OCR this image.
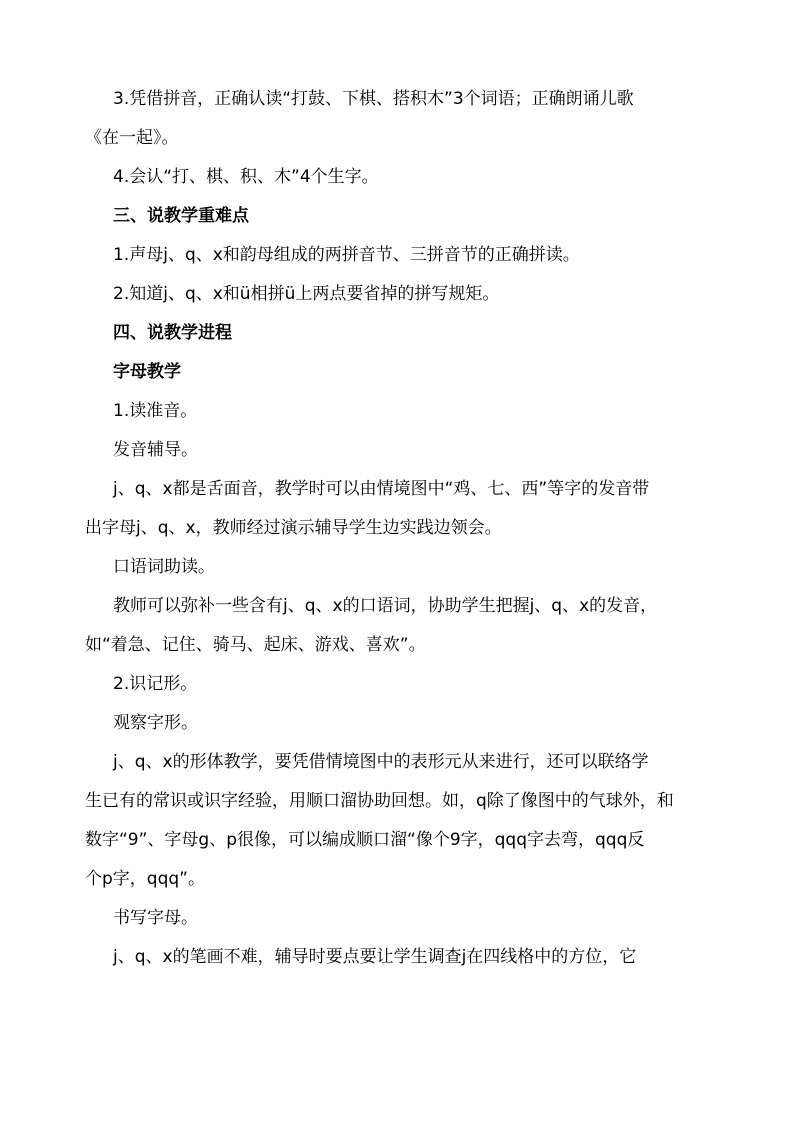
3.凭借拼音，正确认读“打鼓、下棋、搭积木”3个词语；正确朗诵儿歌

《在一起》。

4.会认“打、棋、积、木”4个生字。

三、说教学重难点

1.声母j、q、x和韵母组成的两拼音节、三拼音节的正确拼读。

2.知道j、q、x和ü相拼ü上两点要省掉的拼写规矩。

四、说教学进程

字母教学

1.读准音。

发音辅导。

j、q、x都是舌面音，教学时可以由情境图中“鸡、七、西”等字的发音带

出字母j、q、x，教师经过演示辅导学生边实践边领会。

口语词助读。

教师可以弥补一些含有j、q、x的口语词，协助学生把握j、q、x的发音，

如“着急、记住、骑马、起床、游戏、喜欢”。

2.识记形。

观察字形。

j、q、x的形体教学，要凭借情境图中的表形元从来进行，还可以联络学

生已有的常识或识字经验，用顺口溜协助回想。如，q除了像图中的气球外，和

数字“9”、字母g、p很像，可以编成顺口溜“像个9字，qqq字去弯，qqq反

个p字，qqq”。

书写字母。

j、q、x的笔画不难，辅导时要点要让学生调查j在四线格中的方位，它
